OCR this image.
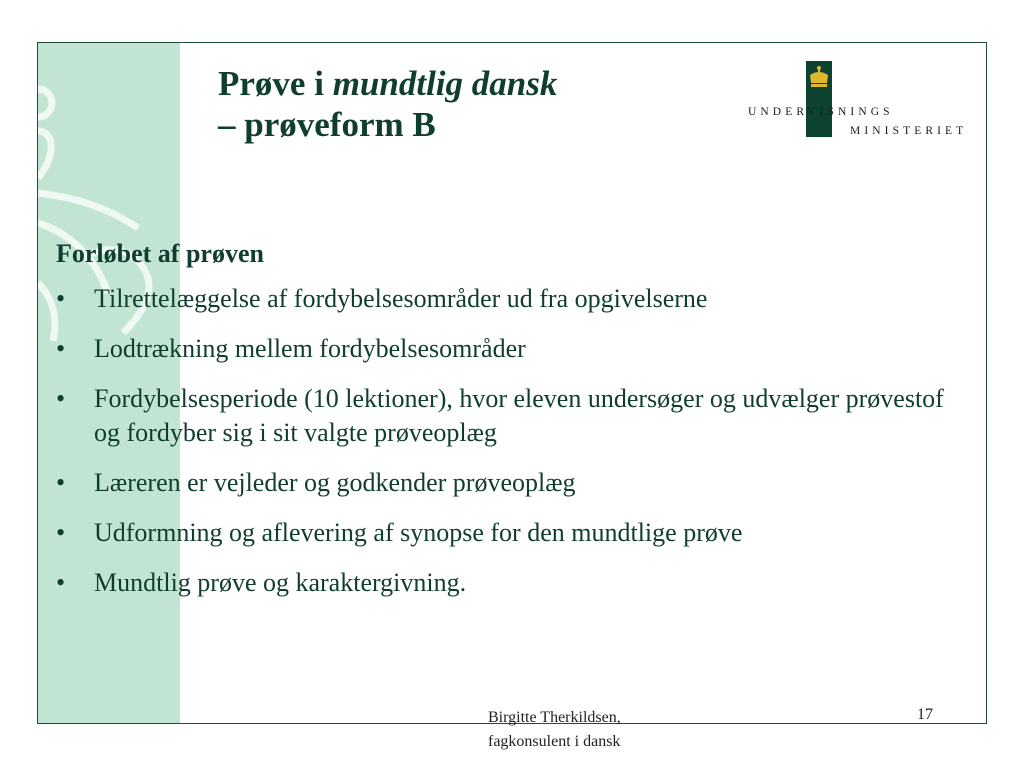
Prøve i mundtlig dansk
– prøveform B	UNDERVISNINGS
MINISTERIET

Forløbet af prøven

• Tilrettelæggelse af fordybelsesområder ud fra opgivelserne
• Lodtrækning mellem fordybelsesområder
• Fordybelsesperiode (10 lektioner), hvor eleven undersøger og udvælger prøvestof og fordyber sig i sit valgte prøveoplæg
• Læreren er vejleder og godkender prøveoplæg
• Udformning og aflevering af synopse for den mundtlige prøve
• Mundtlig prøve og karaktergivning.
Birgitte Therkildsen,
fagkonsulent i dansk
17
